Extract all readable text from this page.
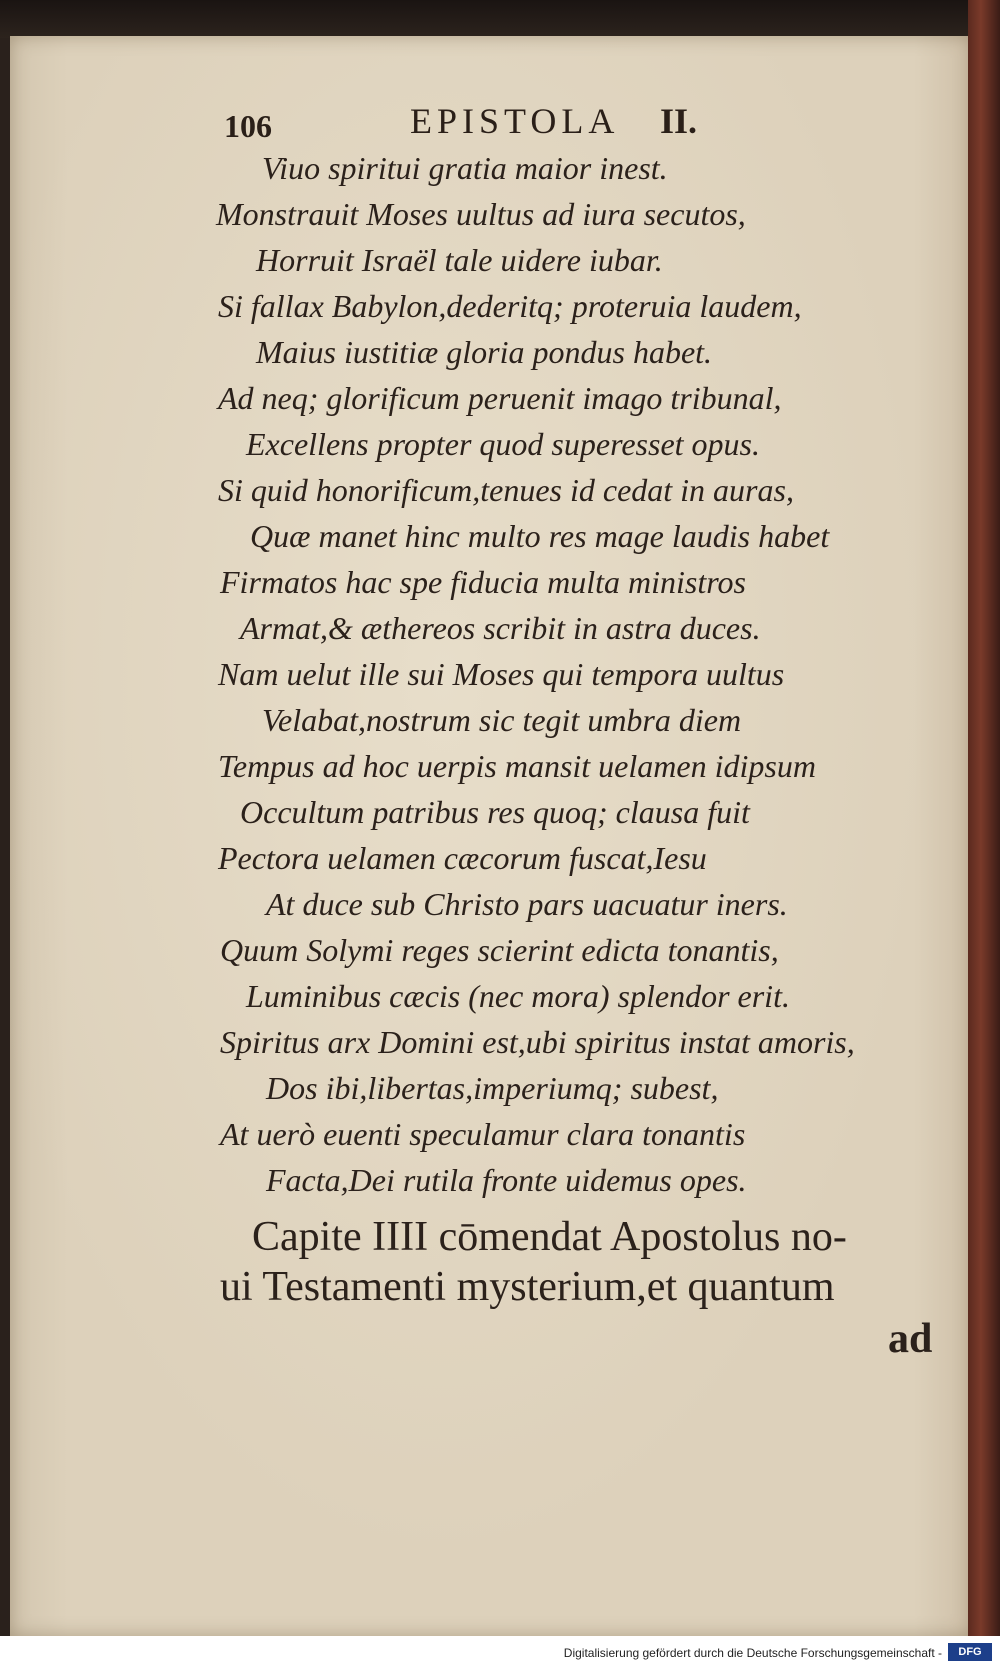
106	EPISTOLA II.
Viuo spiritui gratia maior inest.
Monstrauit Moses uultus ad iura secutos,
Horruit Israël tale uidere iubar.
Si fallax Babylon,dederitq; proteruia laudem,
Maius iustitiæ gloria pondus habet.
Ad neq; glorificum peruenit imago tribunal,
Excellens propter quod superesset opus.
Si quid honorificum,tenues id cedat in auras,
Quæ manet hinc multo res mage laudis habet
Firmatos hac spe fiducia multa ministros
Armat,& æthereos scribit in astra duces.
Nam uelut ille sui Moses qui tempora uultus
Velabat,nostrum sic tegit umbra diem
Tempus ad hoc uerpis mansit uelamen idipsum
Occultum patribus res quoq; clausa fuit
Pectora uelamen cæcorum fuscat,Iesu
At duce sub Christo pars uacuatur iners.
Quum Solymi reges scierint edicta tonantis,
Luminibus cæcis (nec mora) splendor erit.
Spiritus arx Domini est,ubi spiritus instat amoris,
Dos ibi,libertas,imperiumq; subest,
At uerò euenti speculamur clara tonantis
Facta,Dei rutila fronte uidemus opes.
Capite IIII cōmendat Apostolus no-
ui Testamenti mysterium,et quantum
ad
Digitalisierung gefördert durch die Deutsche Forschungsgemeinschaft -	DFG
